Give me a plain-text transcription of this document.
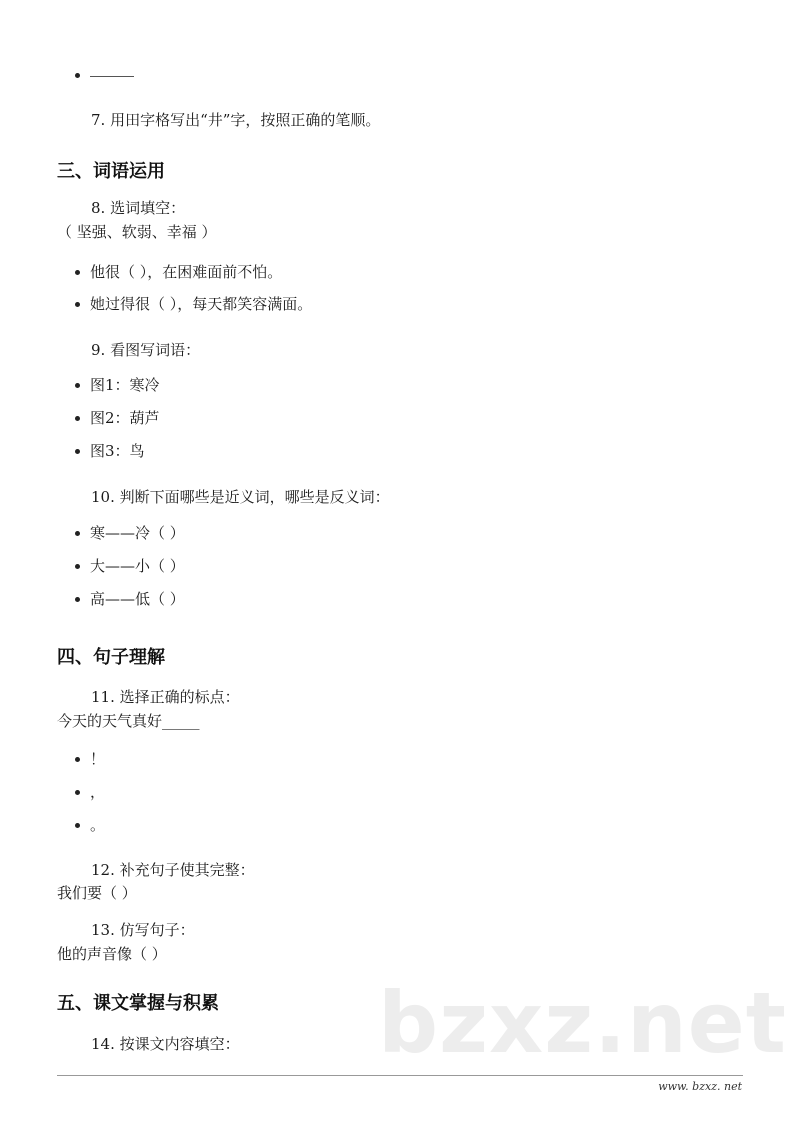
7. 用田字格写出“井”字，按照正确的笔顺。
三、词语运用
8. 选词填空：
（ 坚强、软弱、幸福 ）
他很（ ），在困难面前不怕。
她过得很（ ），每天都笑容满面。
9. 看图写词语：
图1：寒冷
图2：葫芦
图3：鸟
10. 判断下面哪些是近义词，哪些是反义词：
寒——冷（ ）
大——小（ ）
高——低（ ）
四、句子理解
11. 选择正确的标点：
今天的天气真好_____
！
，
。
12. 补充句子使其完整：
我们要（ ）
13. 仿写句子：
他的声音像（ ）
bzxz.net
五、课文掌握与积累
14. 按课文内容填空：
www. bzxz. net
